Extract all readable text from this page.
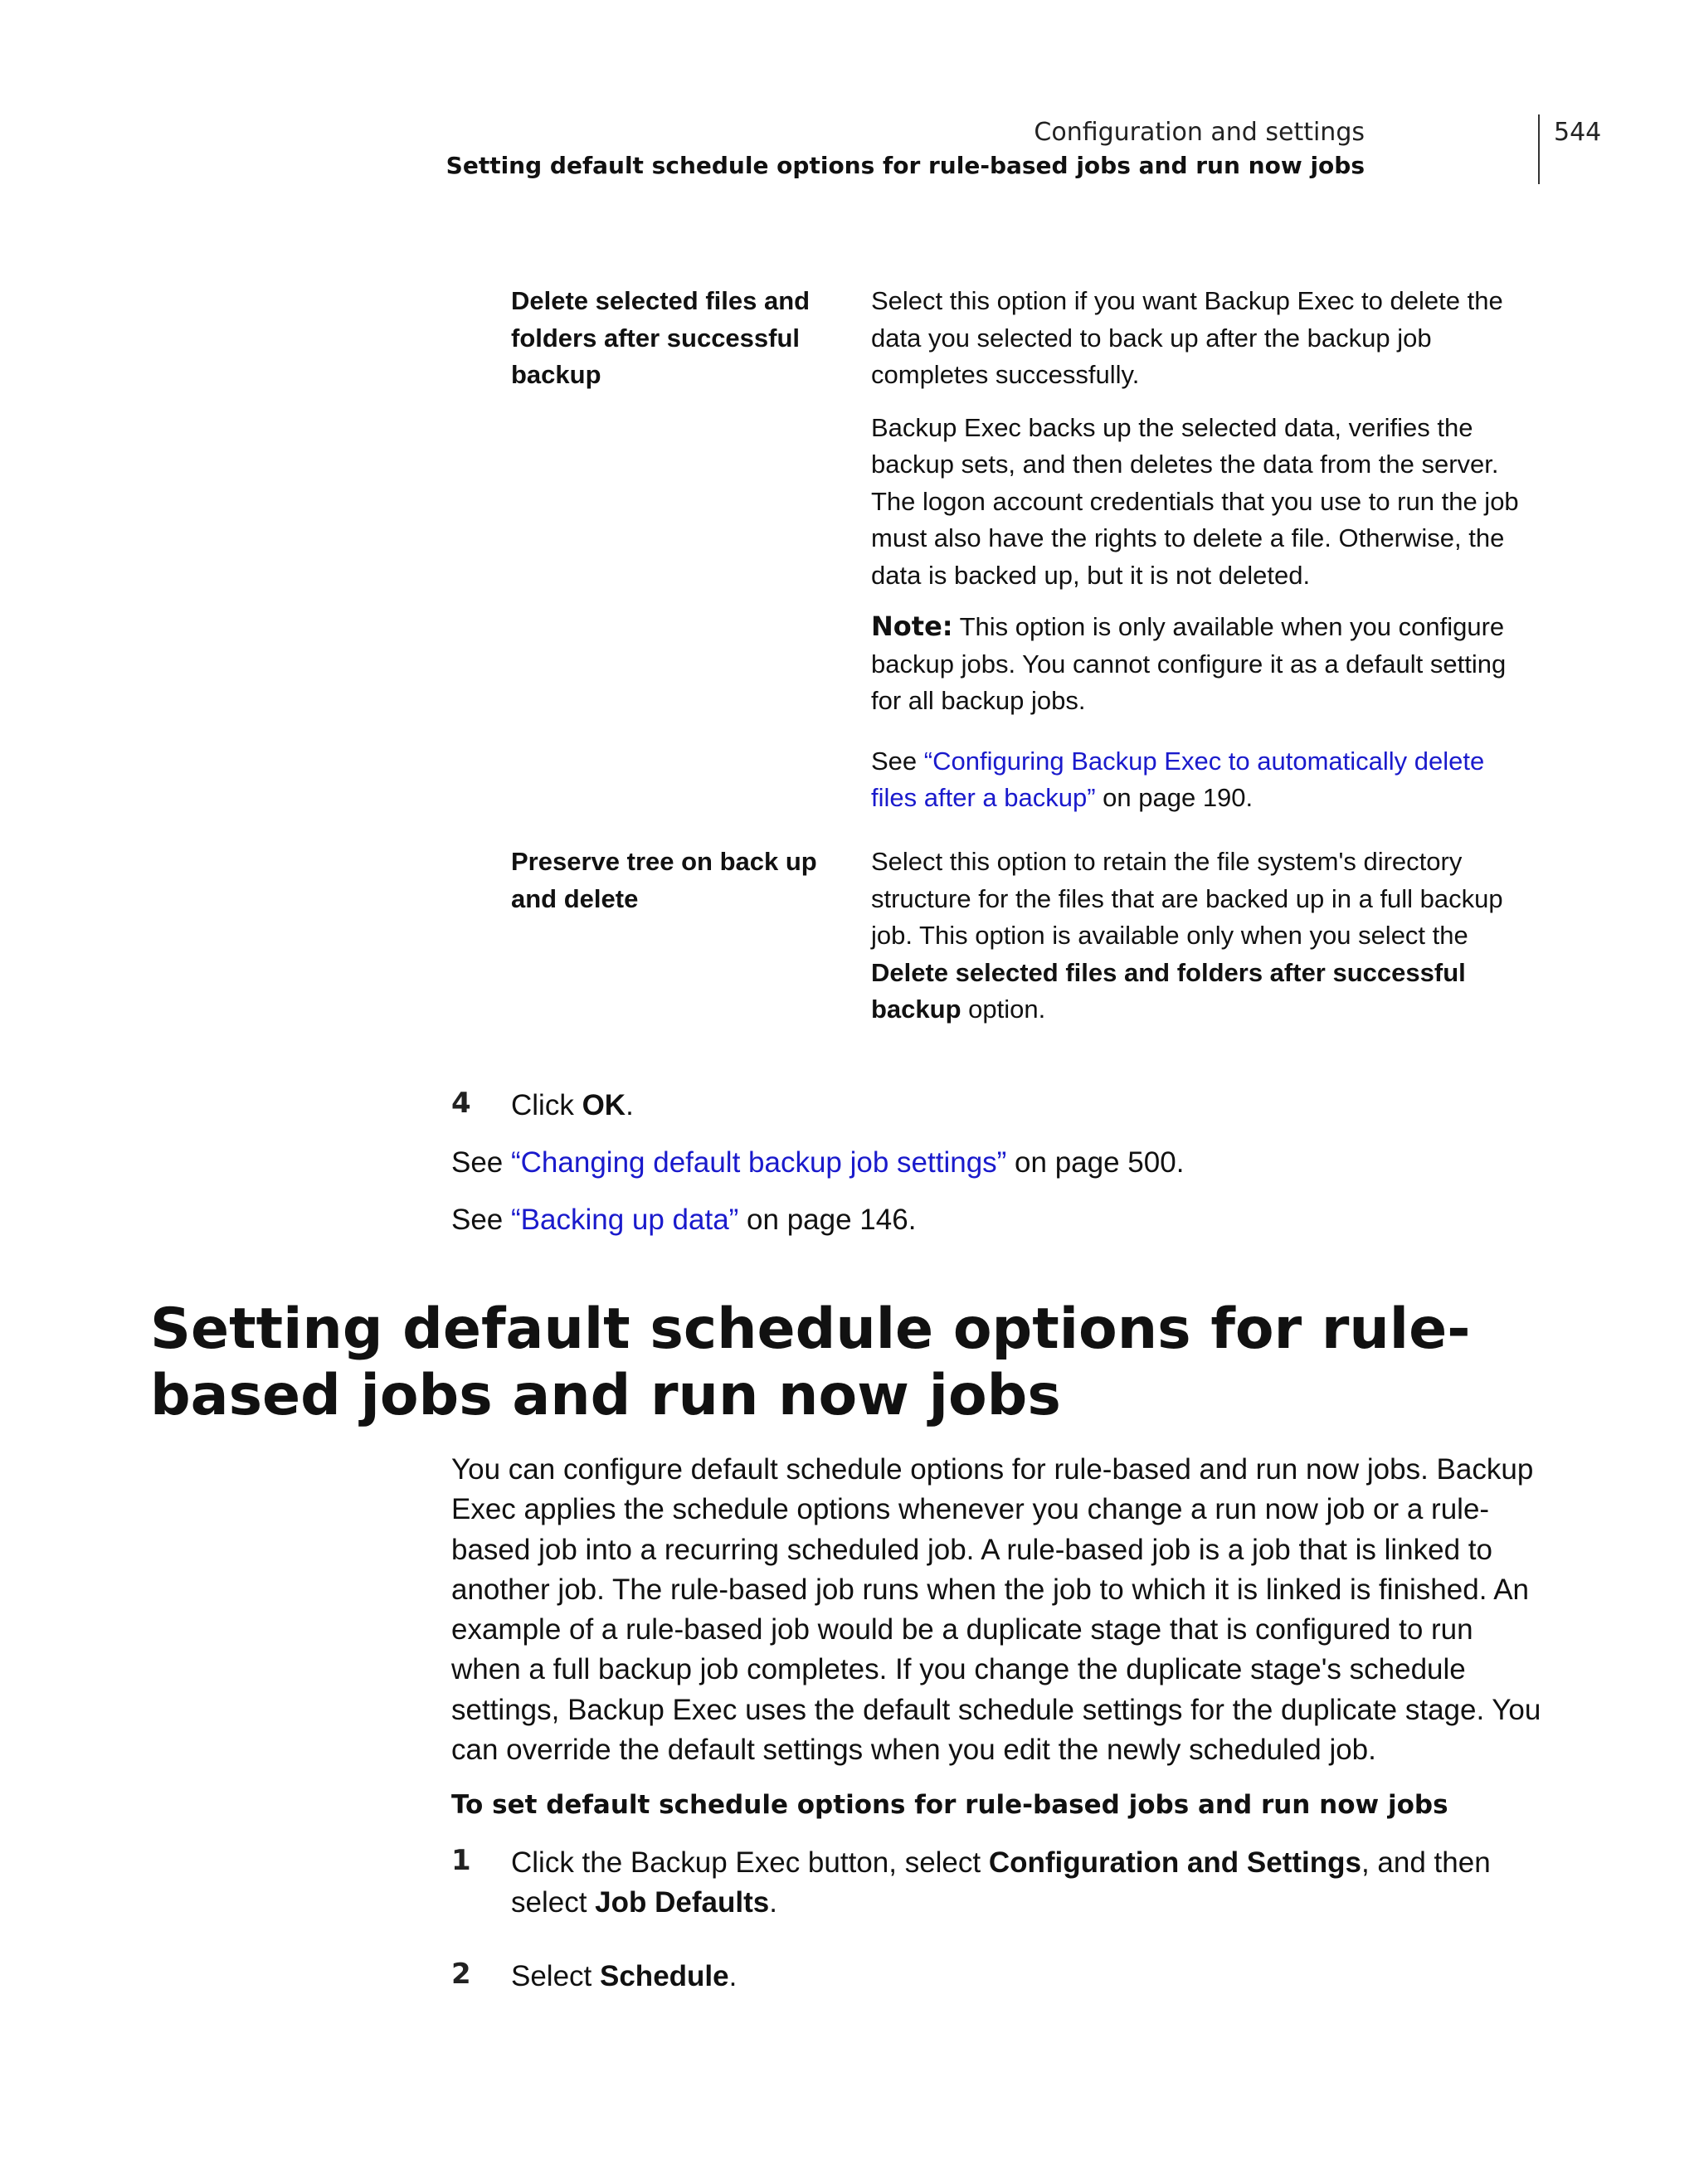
Configuration and settings
Setting default schedule options for rule-based jobs and run now jobs
544
Delete selected files and folders after successful backup

Select this option if you want Backup Exec to delete the data you selected to back up after the backup job completes successfully.

Backup Exec backs up the selected data, verifies the backup sets, and then deletes the data from the server. The logon account credentials that you use to run the job must also have the rights to delete a file. Otherwise, the data is backed up, but it is not deleted.

Note: This option is only available when you configure backup jobs. You cannot configure it as a default setting for all backup jobs.

See “Configuring Backup Exec to automatically delete files after a backup” on page 190.

Preserve tree on back up and delete

Select this option to retain the file system's directory structure for the files that are backed up in a full backup job. This option is available only when you select the Delete selected files and folders after successful backup option.

4 Click OK.
See “Changing default backup job settings” on page 500.
See “Backing up data” on page 146.
Setting default schedule options for rule-based jobs and run now jobs

You can configure default schedule options for rule-based and run now jobs. Backup Exec applies the schedule options whenever you change a run now job or a rule-based job into a recurring scheduled job. A rule-based job is a job that is linked to another job. The rule-based job runs when the job to which it is linked is finished. An example of a rule-based job would be a duplicate stage that is configured to run when a full backup job completes. If you change the duplicate stage's schedule settings, Backup Exec uses the default schedule settings for the duplicate stage. You can override the default settings when you edit the newly scheduled job.

To set default schedule options for rule-based jobs and run now jobs
1 Click the Backup Exec button, select Configuration and Settings, and then select Job Defaults.
2 Select Schedule.
